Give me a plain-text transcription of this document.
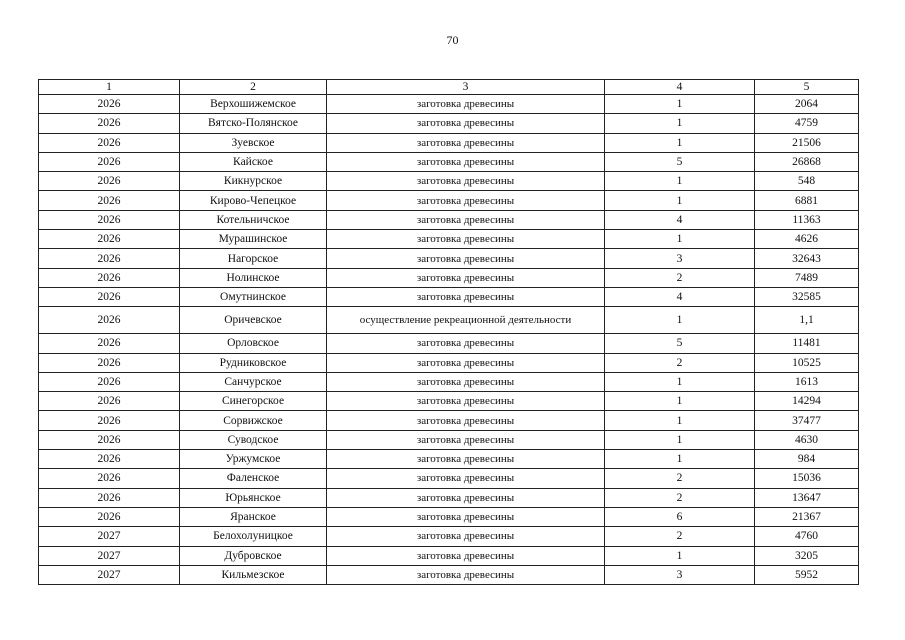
70
1	2	3	4	5
2026	Верхошижемское	заготовка древесины	1	2064
2026	Вятско-Полянское	заготовка древесины	1	4759
2026	Зуевское	заготовка древесины	1	21506
2026	Кайское	заготовка древесины	5	26868
2026	Кикнурское	заготовка древесины	1	548
2026	Кирово-Чепецкое	заготовка древесины	1	6881
2026	Котельничское	заготовка древесины	4	11363
2026	Мурашинское	заготовка древесины	1	4626
2026	Нагорское	заготовка древесины	3	32643
2026	Нолинское	заготовка древесины	2	7489
2026	Омутнинское	заготовка древесины	4	32585
2026	Оричевское	осуществление рекреационной деятельности	1	1,1
2026	Орловское	заготовка древесины	5	11481
2026	Рудниковское	заготовка древесины	2	10525
2026	Санчурское	заготовка древесины	1	1613
2026	Синегорское	заготовка древесины	1	14294
2026	Сорвижское	заготовка древесины	1	37477
2026	Суводское	заготовка древесины	1	4630
2026	Уржумское	заготовка древесины	1	984
2026	Фаленское	заготовка древесины	2	15036
2026	Юрьянское	заготовка древесины	2	13647
2026	Яранское	заготовка древесины	6	21367
2027	Белохолуницкое	заготовка древесины	2	4760
2027	Дубровское	заготовка древесины	1	3205
2027	Кильмезское	заготовка древесины	3	5952
